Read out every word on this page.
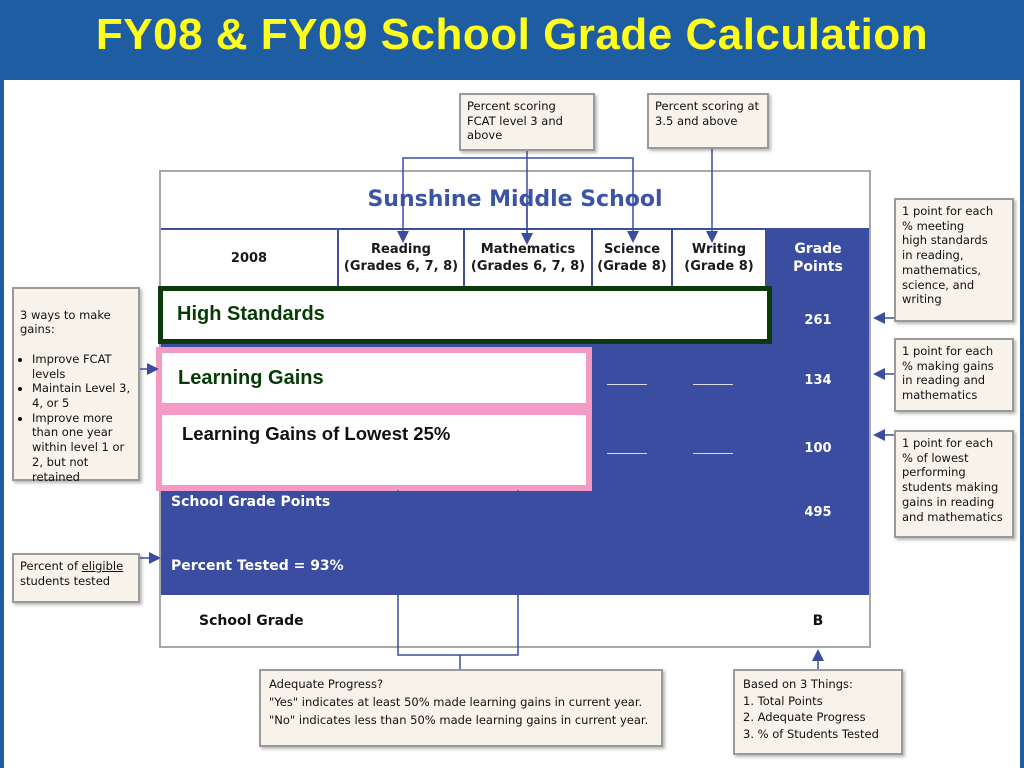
FY08 & FY09 School Grade Calculation
Sunshine Middle School
2008
Reading
(Grades 6, 7, 8)
Mathematics
(Grades 6, 7, 8)
Science
(Grade 8)
Writing
(Grade 8)
Grade
Points
261
134
100
495
School Grade Points
Percent Tested = 93%
School Grade	B
High Standards
Learning Gains
Learning Gains of Lowest 25%
Percent scoring
FCAT level 3 and
above
Percent scoring at
3.5 and above
1 point for each
% meeting
high standards
in reading,
mathematics,
science, and
writing
1 point for each
% making gains
in reading and
mathematics
1 point for each
% of lowest
performing
students making
gains in reading
and mathematics

3 ways to make
gains:

• Improve FCAT levels
• Maintain Level 3, 4, or 5
• Improve more than one year within level 1 or 2, but not retained

Percent of eligible
students tested
Adequate Progress?
"Yes" indicates at least 50% made learning gains in current year.
"No" indicates less than 50% made learning gains in current year.
Based on 3 Things:
1. Total Points
2. Adequate Progress
3. % of Students Tested
